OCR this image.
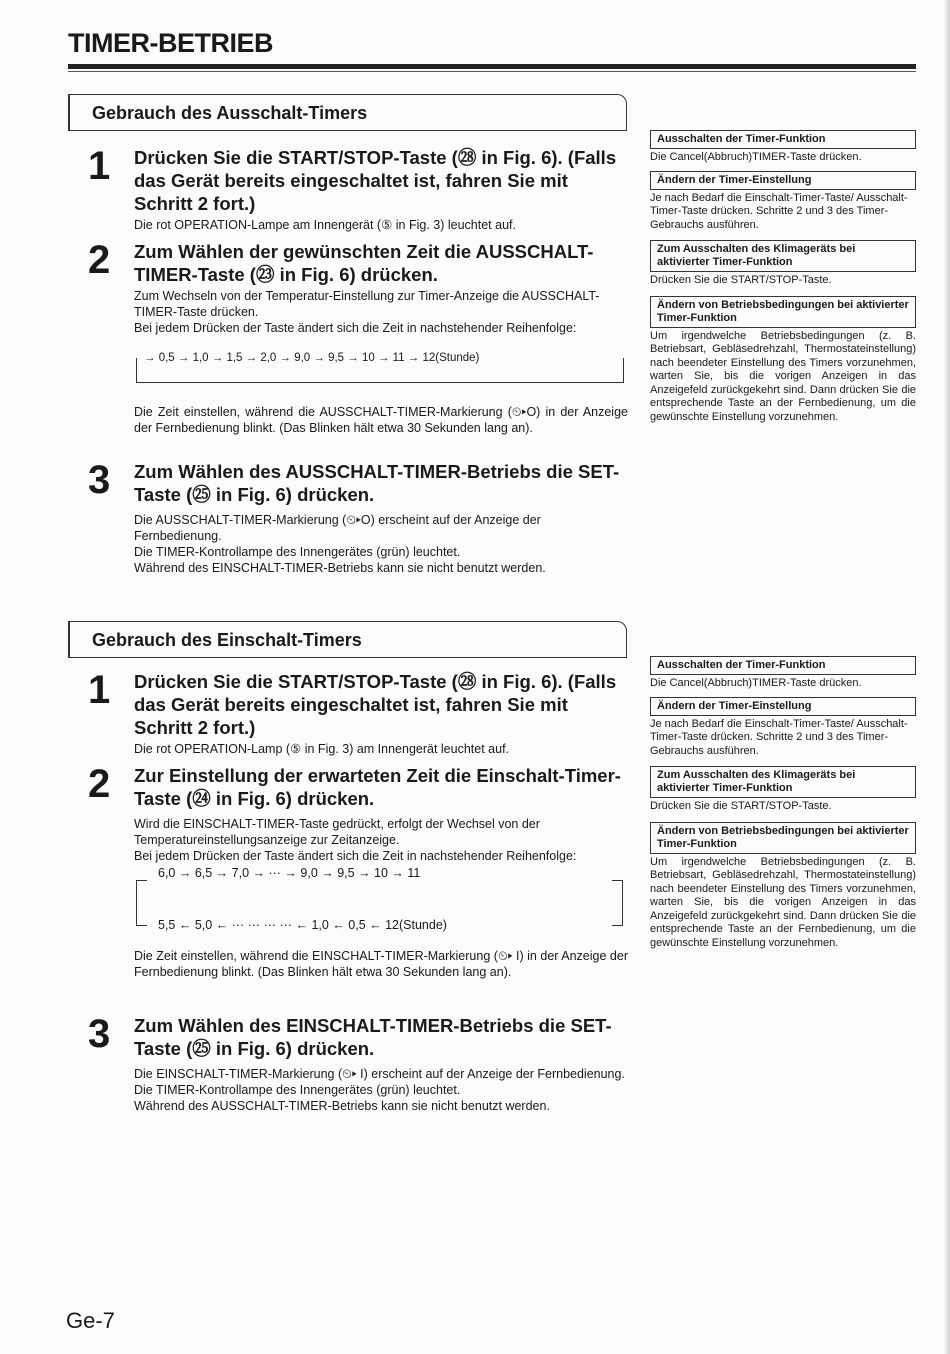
TIMER-BETRIEB
Gebrauch des Ausschalt-Timers
1 Drücken Sie die START/STOP-Taste (㉘ in Fig. 6). (Falls das Gerät bereits eingeschaltet ist, fahren Sie mit Schritt 2 fort.)

Die rot OPERATION-Lampe am Innengerät (⑤ in Fig. 3) leuchtet auf.

2 Zum Wählen der gewünschten Zeit die AUSSCHALT-TIMER-Taste (㉓ in Fig. 6) drücken.

Zum Wechseln von der Temperatur-Einstellung zur Timer-Anzeige die AUSSCHALT-TIMER-Taste drücken.

Bei jedem Drücken der Taste ändert sich die Zeit in nachstehender Reihenfolge:

→ 0,5 → 1,0 → 1,5 → 2,0 → 9,0 → 9,5 → 10 → 11 → 12(Stunde)
Die Zeit einstellen, während die AUSSCHALT-TIMER-Markierung (⏲▸O) in der Anzeige der Fernbedienung blinkt. (Das Blinken hält etwa 30 Sekunden lang an).
3 Zum Wählen des AUSSCHALT-TIMER-Betriebs die SET-Taste (㉕ in Fig. 6) drücken.

Die AUSSCHALT-TIMER-Markierung (⏲▸O) erscheint auf der Anzeige der Fernbedienung.

Die TIMER-Kontrollampe des Innengerätes (grün) leuchtet.

Während des EINSCHALT-TIMER-Betriebs kann sie nicht benutzt werden.

Ausschalten der Timer-Funktion
Die Cancel(Abbruch)TIMER-Taste drücken.
Ändern der Timer-Einstellung
Je nach Bedarf die Einschalt-Timer-Taste/ Ausschalt-Timer-Taste drücken. Schritte 2 und 3 des Timer-Gebrauchs ausführen.
Zum Ausschalten des Klimageräts bei aktivierter Timer-Funktion
Drücken Sie die START/STOP-Taste.
Ändern von Betriebsbedingungen bei aktivierter Timer-Funktion
Um irgendwelche Betriebsbedingungen (z. B. Betriebsart, Gebläsedrehzahl, Thermostateinstellung) nach beendeter Einstellung des Timers vorzunehmen, warten Sie, bis die vorigen Anzeigen in das Anzeigefeld zurückgekehrt sind. Dann drücken Sie die entsprechende Taste an der Fernbedienung, um die gewünschte Einstellung vorzunehmen.
Gebrauch des Einschalt-Timers
1 Drücken Sie die START/STOP-Taste (㉘ in Fig. 6). (Falls das Gerät bereits eingeschaltet ist, fahren Sie mit Schritt 2 fort.)

Die rot OPERATION-Lamp (⑤ in Fig. 3) am Innengerät leuchtet auf.

2 Zur Einstellung der erwarteten Zeit die Einschalt-Timer-Taste (㉔ in Fig. 6) drücken.

Wird die EINSCHALT-TIMER-Taste gedrückt, erfolgt der Wechsel von der Temperatureinstellungsanzeige zur Zeitanzeige.

Bei jedem Drücken der Taste ändert sich die Zeit in nachstehender Reihenfolge:

6,0 → 6,5 → 7,0 → ··· → 9,0 → 9,5 → 10 → 11
5,5 ← 5,0 ← ··· ··· ··· ··· ← 1,0 ← 0,5 ← 12(Stunde)
Die Zeit einstellen, während die EINSCHALT-TIMER-Markierung (⏲▸ I) in der Anzeige der Fernbedienung blinkt. (Das Blinken hält etwa 30 Sekunden lang an).
3 Zum Wählen des EINSCHALT-TIMER-Betriebs die SET-Taste (㉕ in Fig. 6) drücken.

Die EINSCHALT-TIMER-Markierung (⏲▸ I) erscheint auf der Anzeige der Fernbedienung.

Die TIMER-Kontrollampe des Innengerätes (grün) leuchtet.

Während des AUSSCHALT-TIMER-Betriebs kann sie nicht benutzt werden.

Ausschalten der Timer-Funktion
Die Cancel(Abbruch)TIMER-Taste drücken.
Ändern der Timer-Einstellung
Je nach Bedarf die Einschalt-Timer-Taste/ Ausschalt-Timer-Taste drücken. Schritte 2 und 3 des Timer-Gebrauchs ausführen.
Zum Ausschalten des Klimageräts bei aktivierter Timer-Funktion
Drücken Sie die START/STOP-Taste.
Ändern von Betriebsbedingungen bei aktivierter Timer-Funktion
Um irgendwelche Betriebsbedingungen (z. B. Betriebsart, Gebläsedrehzahl, Thermostateinstellung) nach beendeter Einstellung des Timers vorzunehmen, warten Sie, bis die vorigen Anzeigen in das Anzeigefeld zurückgekehrt sind. Dann drücken Sie die entsprechende Taste an der Fernbedienung, um die gewünschte Einstellung vorzunehmen.
Ge-7
